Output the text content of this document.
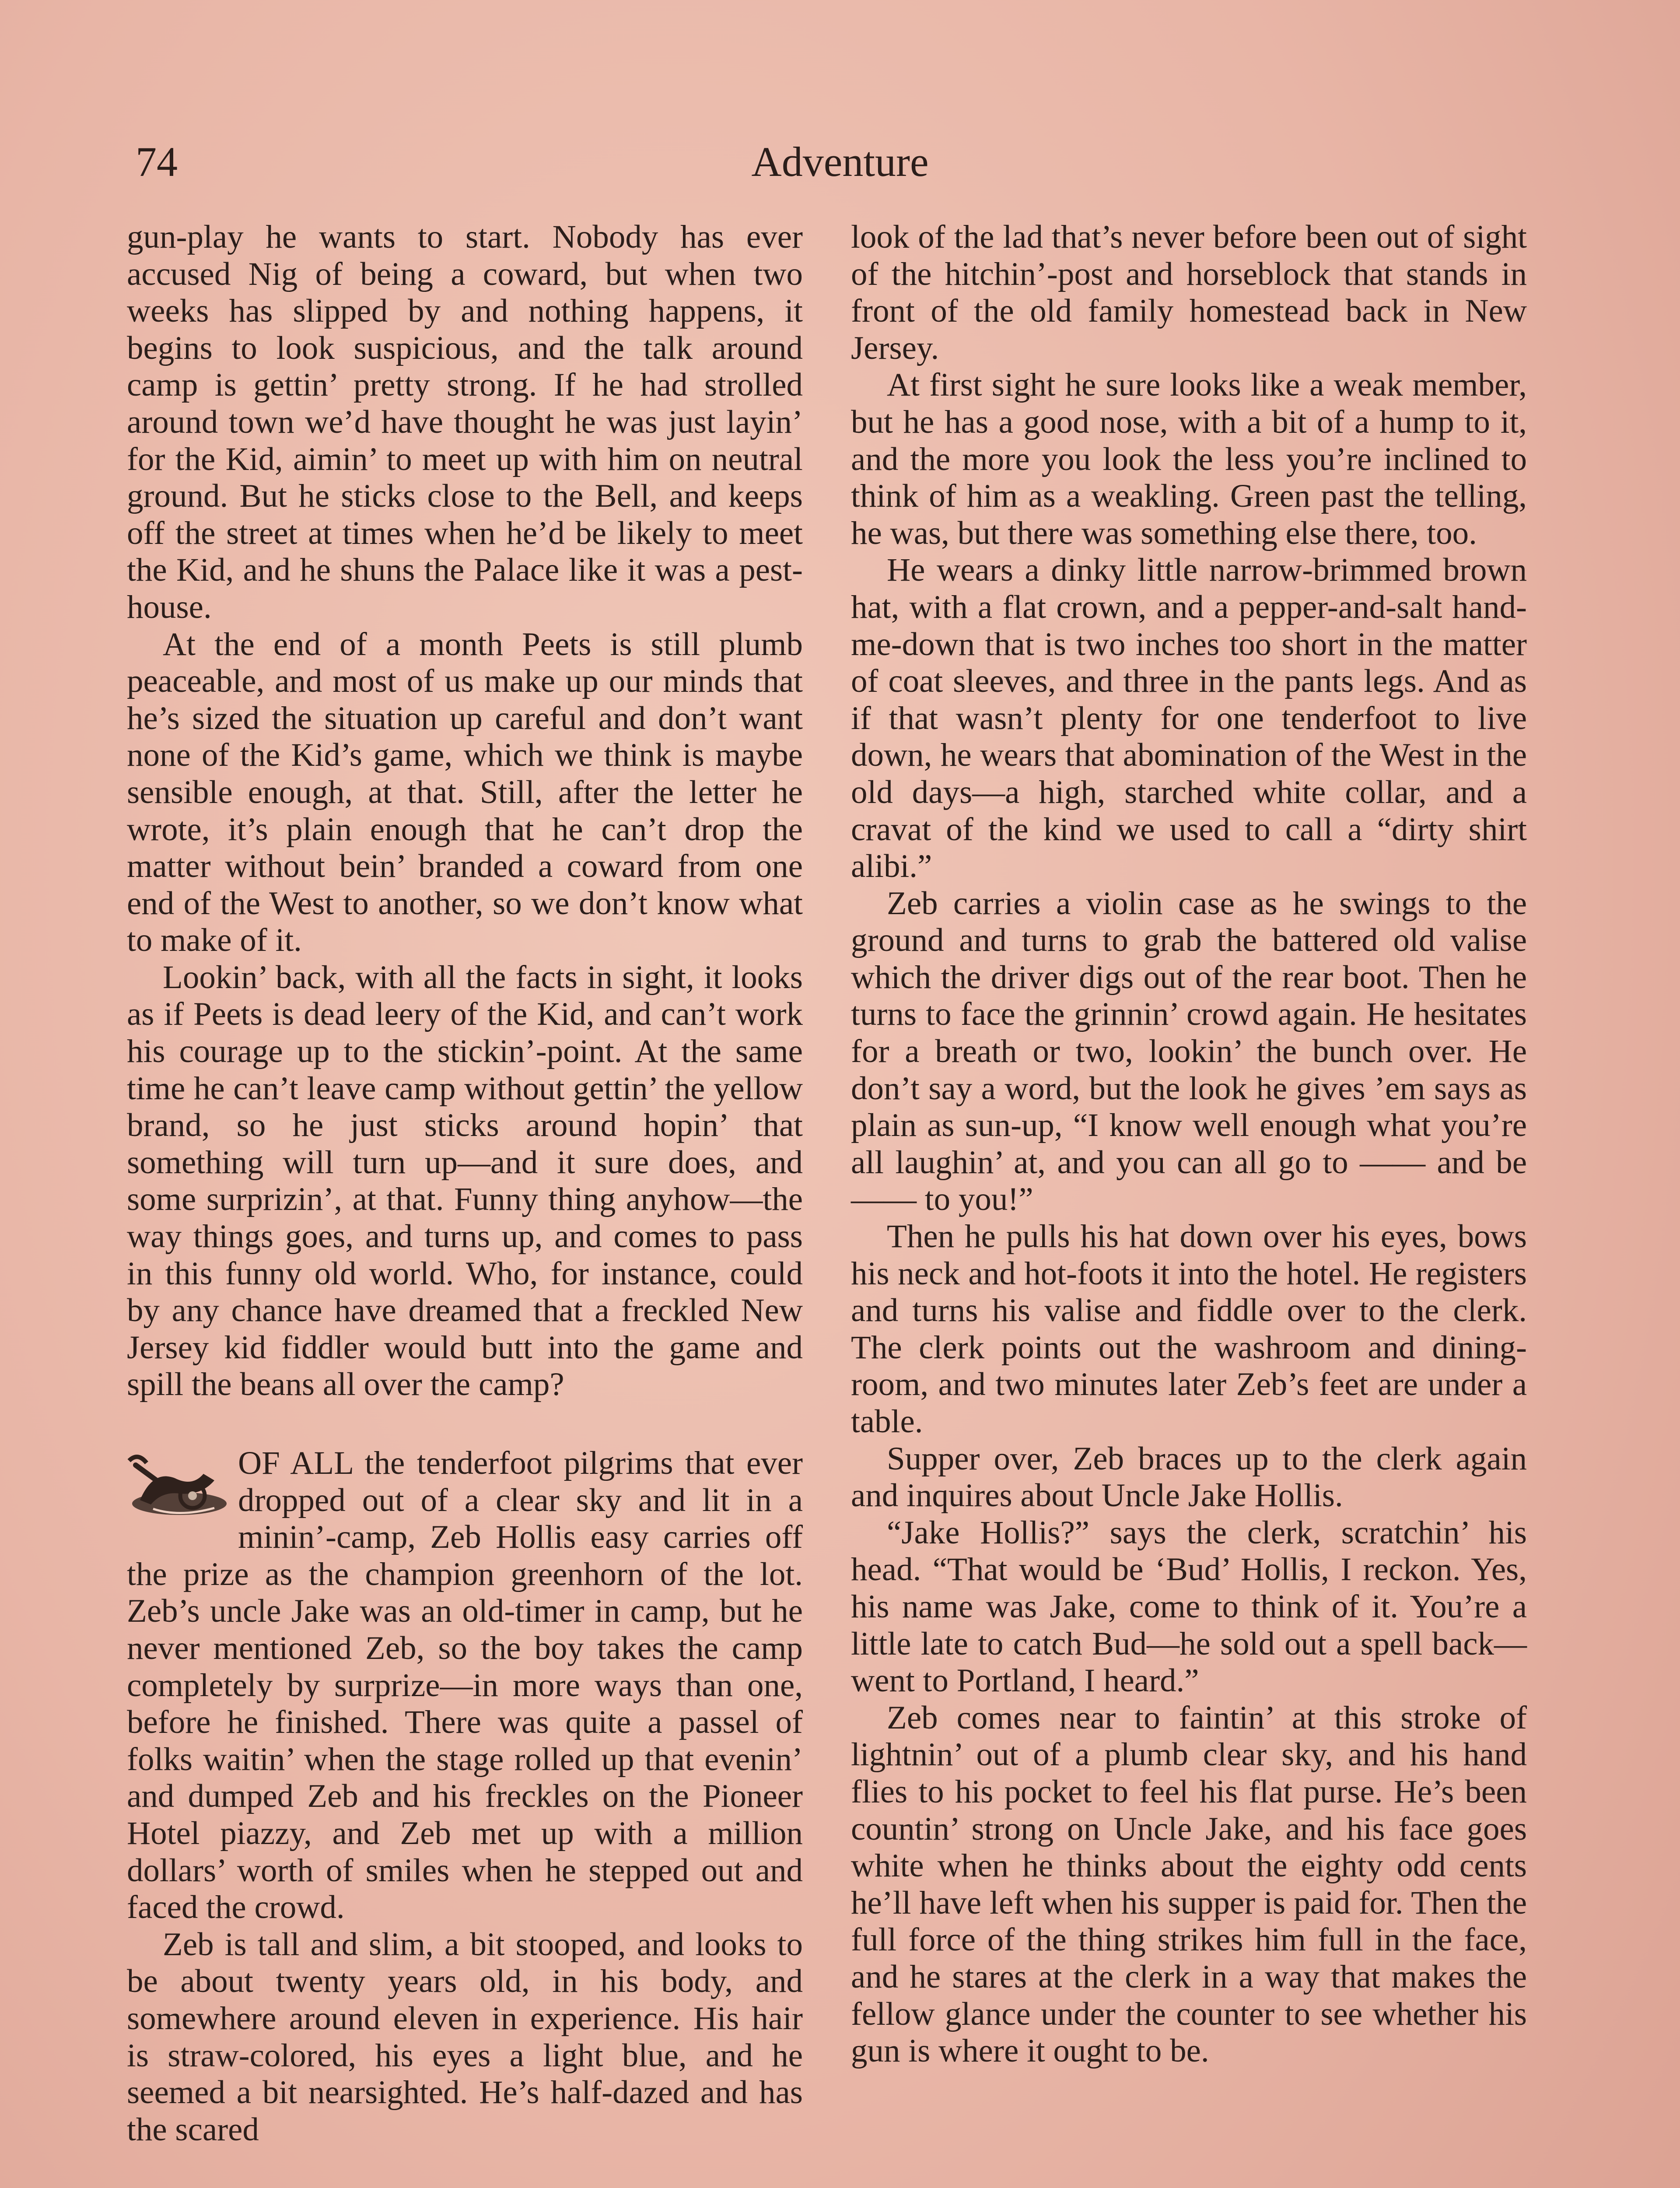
74	Adventure

gun-play he wants to start. Nobody has ever accused Nig of being a coward, but when two weeks has slipped by and nothing happens, it begins to look suspicious, and the talk around camp is gettin’ pretty strong. If he had strolled around town we’d have thought he was just layin’ for the Kid, aimin’ to meet up with him on neutral ground. But he sticks close to the Bell, and keeps off the street at times when he’d be likely to meet the Kid, and he shuns the Palace like it was a pest-house.

At the end of a month Peets is still plumb peaceable, and most of us make up our minds that he’s sized the situation up careful and don’t want none of the Kid’s game, which we think is maybe sensible enough, at that. Still, after the letter he wrote, it’s plain enough that he can’t drop the matter without bein’ branded a coward from one end of the West to another, so we don’t know what to make of it.

Lookin’ back, with all the facts in sight, it looks as if Peets is dead leery of the Kid, and can’t work his courage up to the stickin’-point. At the same time he can’t leave camp without gettin’ the yellow brand, so he just sticks around hopin’ that something will turn up—and it sure does, and some surprizin’, at that. Funny thing anyhow—the way things goes, and turns up, and comes to pass in this funny old world. Who, for instance, could by any chance have dreamed that a freckled New Jersey kid fiddler would butt into the game and spill the beans all over the camp?

OF ALL the tenderfoot pilgrims that ever dropped out of a clear sky and lit in a minin’-camp, Zeb Hollis easy carries off the prize as the champion greenhorn of the lot. Zeb’s uncle Jake was an old-timer in camp, but he never mentioned Zeb, so the boy takes the camp completely by surprize—in more ways than one, before he finished. There was quite a passel of folks waitin’ when the stage rolled up that evenin’ and dumped Zeb and his freckles on the Pioneer Hotel piazzy, and Zeb met up with a million dollars’ worth of smiles when he stepped out and faced the crowd.

Zeb is tall and slim, a bit stooped, and looks to be about twenty years old, in his body, and somewhere around eleven in experience. His hair is straw-colored, his eyes a light blue, and he seemed a bit nearsighted. He’s half-dazed and has the scared

look of the lad that’s never before been out of sight of the hitchin’-post and horseblock that stands in front of the old family homestead back in New Jersey.

At first sight he sure looks like a weak member, but he has a good nose, with a bit of a hump to it, and the more you look the less you’re inclined to think of him as a weakling. Green past the telling, he was, but there was something else there, too.

He wears a dinky little narrow-brimmed brown hat, with a flat crown, and a pepper-and-salt hand-me-down that is two inches too short in the matter of coat sleeves, and three in the pants legs. And as if that wasn’t plenty for one tenderfoot to live down, he wears that abomination of the West in the old days—a high, starched white collar, and a cravat of the kind we used to call a “dirty shirt alibi.”

Zeb carries a violin case as he swings to the ground and turns to grab the battered old valise which the driver digs out of the rear boot. Then he turns to face the grinnin’ crowd again. He hesitates for a breath or two, lookin’ the bunch over. He don’t say a word, but the look he gives ’em says as plain as sun-up, “I know well enough what you’re all laughin’ at, and you can all go to —— and be —— to you!”

Then he pulls his hat down over his eyes, bows his neck and hot-foots it into the hotel. He registers and turns his valise and fiddle over to the clerk. The clerk points out the washroom and dining-room, and two minutes later Zeb’s feet are under a table.

Supper over, Zeb braces up to the clerk again and inquires about Uncle Jake Hollis.

“Jake Hollis?” says the clerk, scratchin’ his head. “That would be ‘Bud’ Hollis, I reckon. Yes, his name was Jake, come to think of it. You’re a little late to catch Bud—he sold out a spell back—went to Portland, I heard.”

Zeb comes near to faintin’ at this stroke of lightnin’ out of a plumb clear sky, and his hand flies to his pocket to feel his flat purse. He’s been countin’ strong on Uncle Jake, and his face goes white when he thinks about the eighty odd cents he’ll have left when his supper is paid for. Then the full force of the thing strikes him full in the face, and he stares at the clerk in a way that makes the fellow glance under the counter to see whether his gun is where it ought to be.
